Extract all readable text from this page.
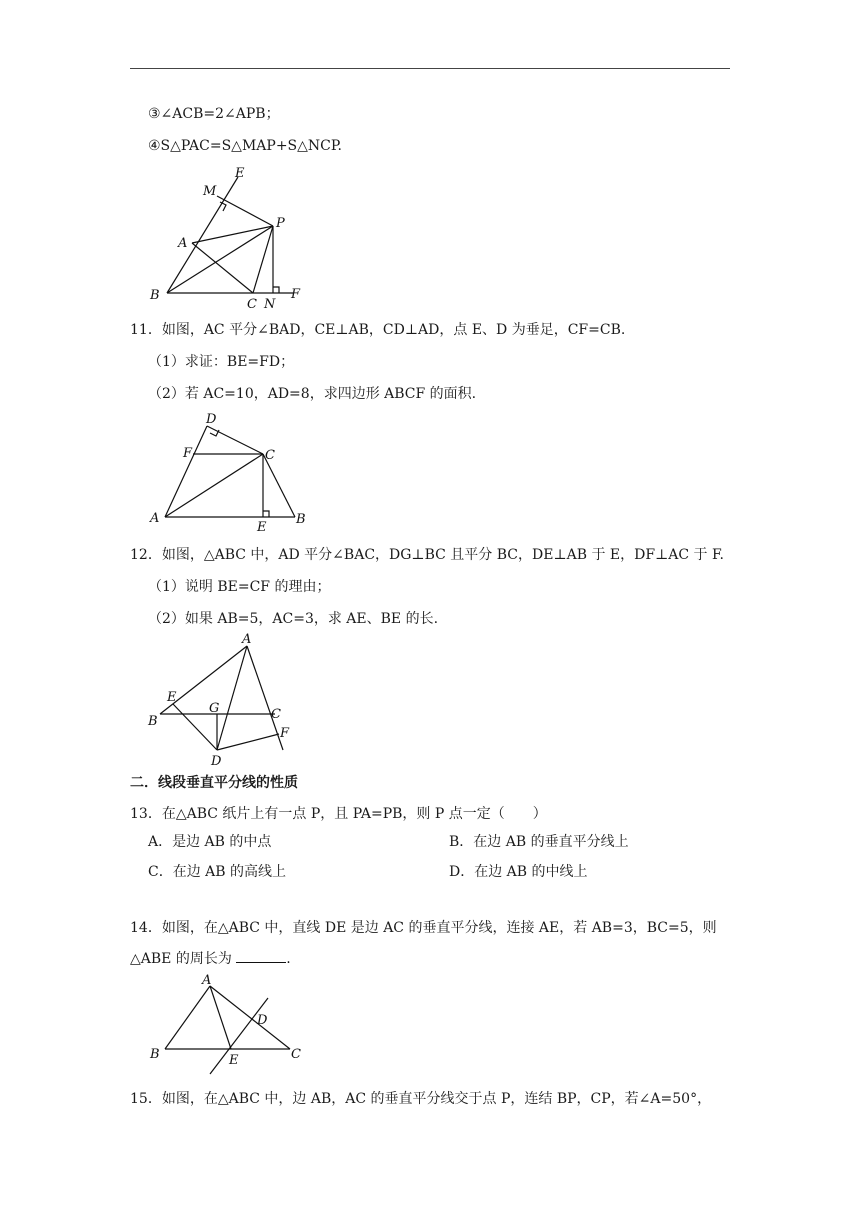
③∠ACB=2∠APB；
④S△PAC=S△MAP+S△NCP.
E
M
P
A
B
C N
F
11．如图，AC 平分∠BAD，CE⊥AB，CD⊥AD，点 E、D 为垂足，CF=CB.
（1）求证：BE=FD；
（2）若 AC=10，AD=8，求四边形 ABCF 的面积.
D
F	C
A
E
B
12．如图，△ABC 中，AD 平分∠BAC，DG⊥BC 且平分 BC，DE⊥AB 于 E，DF⊥AC 于 F.
（1）说明 BE=CF 的理由；
（2）如果 AB=5，AC=3，求 AE、BE 的长.
A
E
G	C
B
F
D
二．线段垂直平分线的性质
13．在△ABC 纸片上有一点 P，且 PA=PB，则 P 点一定（　　）
A．是边 AB 的中点	B．在边 AB 的垂直平分线上
C．在边 AB 的高线上	D．在边 AB 的中线上
14．如图，在△ABC 中，直线 DE 是边 AC 的垂直平分线，连接 AE，若 AB=3，BC=5，则
△ABE 的周长为	.
A
D
B	E	C
15．如图，在△ABC 中，边 AB，AC 的垂直平分线交于点 P，连结 BP，CP，若∠A=50°，
